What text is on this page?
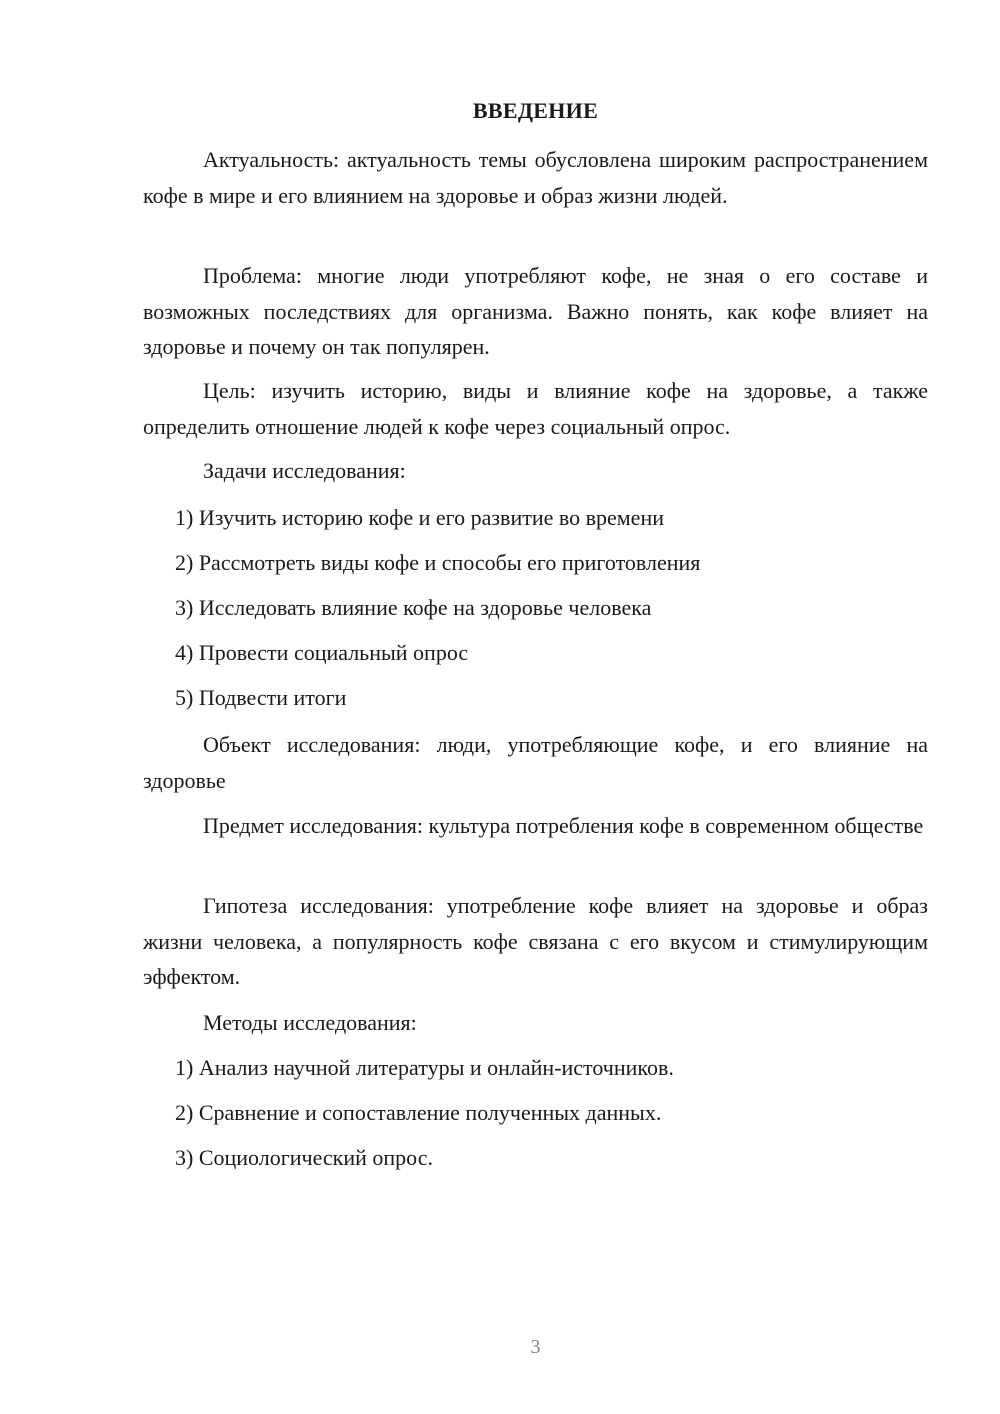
ВВЕДЕНИЕ

Актуальность: актуальность темы обусловлена широким распространением кофе в мире и его влиянием на здоровье и образ жизни людей.

Проблема: многие люди употребляют кофе, не зная о его составе и возможных последствиях для организма. Важно понять, как кофе влияет на здоровье и почему он так популярен.

Цель: изучить историю, виды и влияние кофе на здоровье, а также определить отношение людей к кофе через социальный опрос.

Задачи исследования:

1) Изучить историю кофе и его развитие во времени

2) Рассмотреть виды кофе и способы его приготовления

3) Исследовать влияние кофе на здоровье человека

4) Провести социальный опрос

5) Подвести итоги

Объект исследования: люди, употребляющие кофе, и его влияние на здоровье

Предмет исследования: культура потребления кофе в современном обществе

Гипотеза исследования: употребление кофе влияет на здоровье и образ жизни человека, а популярность кофе связана с его вкусом и стимулирующим эффектом.

Методы исследования:

1) Анализ научной литературы и онлайн-источников.

2) Сравнение и сопоставление полученных данных.

3) Социологический опрос.

3
